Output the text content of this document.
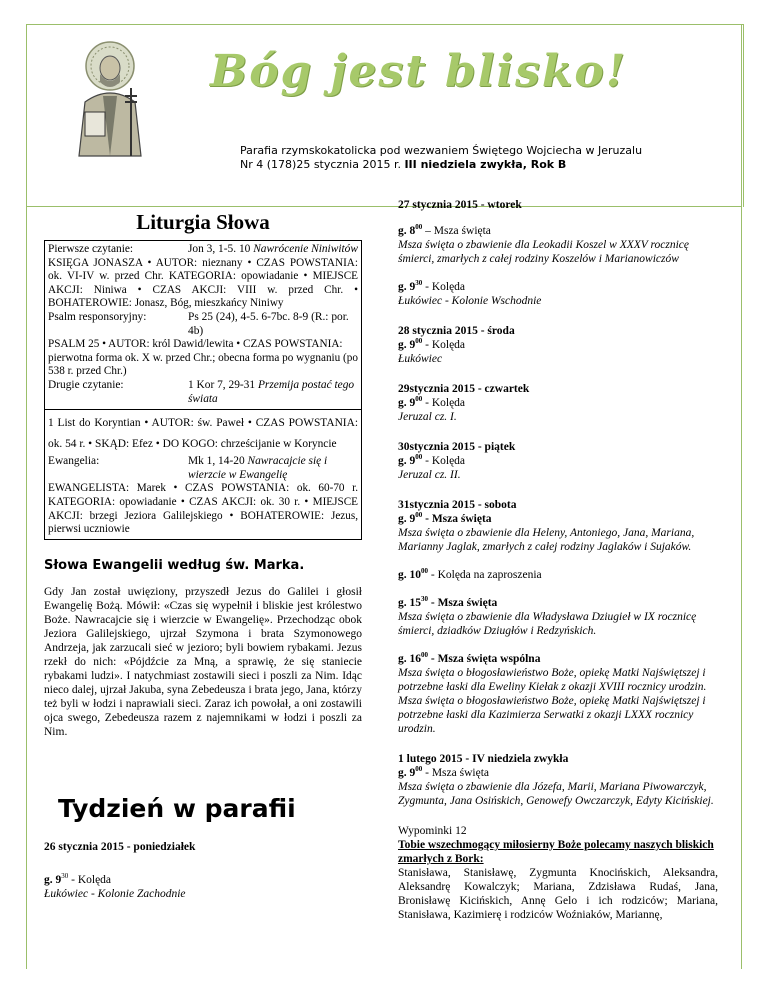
Bóg jest blisko!
Parafia rzymskokatolicka pod wezwaniem Świętego Wojciecha w Jeruzalu
Nr 4 (178)25 stycznia 2015 r. III niedziela zwykła, Rok B
Liturgia Słowa
Pierwsze czytanie:	Jon 3, 1-5. 10 Nawrócenie Niniwitów
KSIĘGA JONASZA • AUTOR: nieznany • CZAS POWSTANIA: ok. VI-IV w. przed Chr. KATEGORIA: opowiadanie • MIEJSCE AKCJI: Niniwa • CZAS AKCJI: VIII w. przed Chr. • BOHATEROWIE: Jonasz, Bóg, mieszkańcy Niniwy
Psalm responsoryjny:	Ps 25 (24), 4-5. 6-7bc. 8-9 (R.: por. 4b)
PSALM 25 • AUTOR: król Dawid/lewita • CZAS POWSTANIA: pierwotna forma ok. X w. przed Chr.; obecna forma po wygnaniu (po 538 r. przed Chr.)
Drugie czytanie:	1 Kor 7, 29-31 Przemija postać tego świata
1 List do Koryntian • AUTOR: św. Paweł • CZAS POWSTANIA: ok. 54 r. • SKĄD: Efez • DO KOGO: chrześcijanie w Koryncie
Ewangelia:	Mk 1, 14-20 Nawracajcie się i wierzcie w Ewangelię
EWANGELISTA: Marek • CZAS POWSTANIA: ok. 60-70 r. KATEGORIA: opowiadanie • CZAS AKCJI: ok. 30 r. • MIEJSCE AKCJI: brzegi Jeziora Galilejskiego • BOHATEROWIE: Jezus, pierwsi uczniowie
Słowa Ewangelii według św. Marka.
Gdy Jan został uwięziony, przyszedł Jezus do Galilei i głosił Ewangelię Bożą. Mówił: «Czas się wypełnił i bliskie jest królestwo Boże. Nawracajcie się i wierzcie w Ewangelię». Przechodząc obok Jeziora Galilejskiego, ujrzał Szymona i brata Szymonowego Andrzeja, jak zarzucali sieć w jezioro; byli bowiem rybakami. Jezus rzekł do nich: «Pójdźcie za Mną, a sprawię, że się staniecie rybakami ludzi». I natychmiast zostawili sieci i poszli za Nim. Idąc nieco dalej, ujrzał Jakuba, syna Zebedeusza i brata jego, Jana, którzy też byli w łodzi i naprawiali sieci. Zaraz ich powołał, a oni zostawili ojca swego, Zebedeusza razem z najemnikami w łodzi i poszli za Nim.
Tydzień w parafii
26 stycznia 2015 - poniedziałek
g. $9^{30}$ - Kolęda
Łukówiec - Kolonie Zachodnie
27 stycznia 2015 - wtorek
g. $8^{00}$ – Msza święta
Msza święta o zbawienie dla Leokadii Koszel w XXXV rocznicę śmierci, zmarłych z całej rodziny Koszelów i Marianowiczów
g. $9^{30}$ - Kolęda
Łukówiec - Kolonie Wschodnie
28 stycznia 2015 - środa
g. $9^{00}$ - Kolęda
Łukówiec
29stycznia 2015 - czwartek
g. $9^{00}$ - Kolęda
Jeruzal cz. I.
30stycznia 2015 - piątek
g. $9^{00}$ - Kolęda
Jeruzal cz. II.
31stycznia 2015 - sobota
g. $9^{00}$ - Msza święta
Msza święta o zbawienie dla Heleny, Antoniego, Jana, Mariana, Marianny Jaglak, zmarłych z całej rodziny Jaglaków i Sujaków.
g. $10^{00}$ - Kolęda na zaproszenia
g. $15^{30}$ - Msza święta
Msza święta o zbawienie dla Władysława Dziugieł w IX rocznicę śmierci, dziadków Dziugłów i Redzyńskich.
g. $16^{00}$ - Msza święta wspólna
Msza święta o błogosławieństwo Boże, opiekę Matki Najświętszej i potrzebne łaski dla Eweliny Kiełak z okazji XVIII rocznicy urodzin. Msza święta o błogosławieństwo Boże, opiekę Matki Najświętszej i potrzebne łaski dla Kazimierza Serwatki z okazji LXXX rocznicy urodzin.
1 lutego 2015 - IV niedziela zwykła
g. $9^{00}$ - Msza święta
Msza święta o zbawienie dla Józefa, Marii, Mariana Piwowarczyk, Zygmunta, Jana Osińskich, Genowefy Owczarczyk, Edyty Kicińskiej.
Wypominki 12
Tobie wszechmogący miłosierny Boże polecamy naszych bliskich zmarłych z Bork:
Stanisława, Stanisławę, Zygmunta Knocińskich, Aleksandra, Aleksandrę Kowalczyk; Mariana, Zdzisława Rudaś, Jana, Bronisławę Kicińskich, Annę Gelo i ich rodziców; Mariana, Stanisława, Kazimierę i rodziców Woźniaków, Mariannę,
